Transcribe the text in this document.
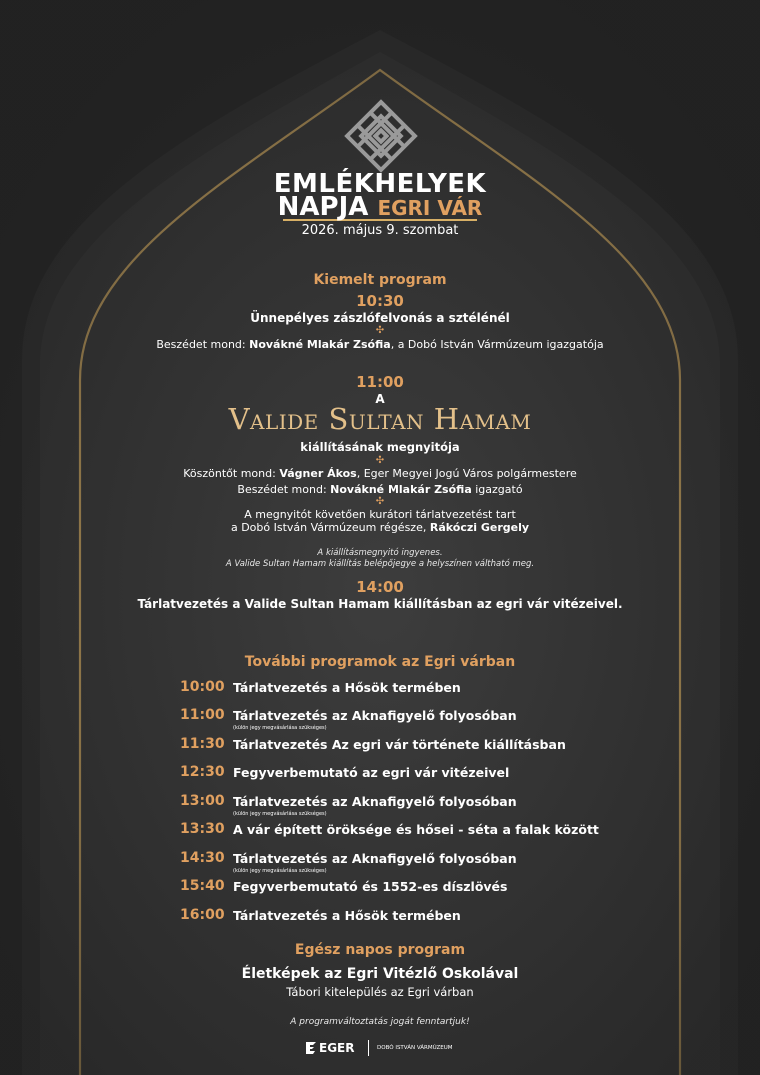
EMLÉKHELYEK
NAPJA EGRI VÁR
2026. május 9. szombat
Kiemelt program
10:30
Ünnepélyes zászlófelvonás a sztélénél
✣
Beszédet mond: Novákné Mlakár Zsófia, a Dobó István Vármúzeum igazgatója
11:00
A
Valide Sultan Hamam
kiállításának megnyitója
✣
Köszöntőt mond: Vágner Ákos, Eger Megyei Jogú Város polgármestere
Beszédet mond: Novákné Mlakár Zsófia igazgató
✣
A megnyitót követően kurátori tárlatvezetést tart
a Dobó István Vármúzeum régésze, Rákóczi Gergely
A kiállításmegnyitó ingyenes.
A Valide Sultan Hamam kiállítás belépőjegye a helyszínen váltható meg.
14:00
Tárlatvezetés a Valide Sultan Hamam kiállításban az egri vár vitézeivel.
További programok az Egri várban
10:00 Tárlatvezetés a Hősök termében
11:00 Tárlatvezetés az Aknafigyelő folyosóban
(külön jegy megvásárlása szükséges)
11:30 Tárlatvezetés Az egri vár története kiállításban
12:30 Fegyverbemutató az egri vár vitézeivel
13:00 Tárlatvezetés az Aknafigyelő folyosóban
(külön jegy megvásárlása szükséges)
13:30 A vár épített öröksége és hősei - séta a falak között
14:30 Tárlatvezetés az Aknafigyelő folyosóban
(külön jegy megvásárlása szükséges)
15:40 Fegyverbemutató és 1552-es díszlövés
16:00 Tárlatvezetés a Hősök termében
Egész napos program
Életképek az Egri Vitézlő Oskolával
Tábori kitelepülés az Egri várban
A programváltoztatás jogát fenntartjuk!
EGER	DOBÓ ISTVÁN VÁRMÚZEUM
